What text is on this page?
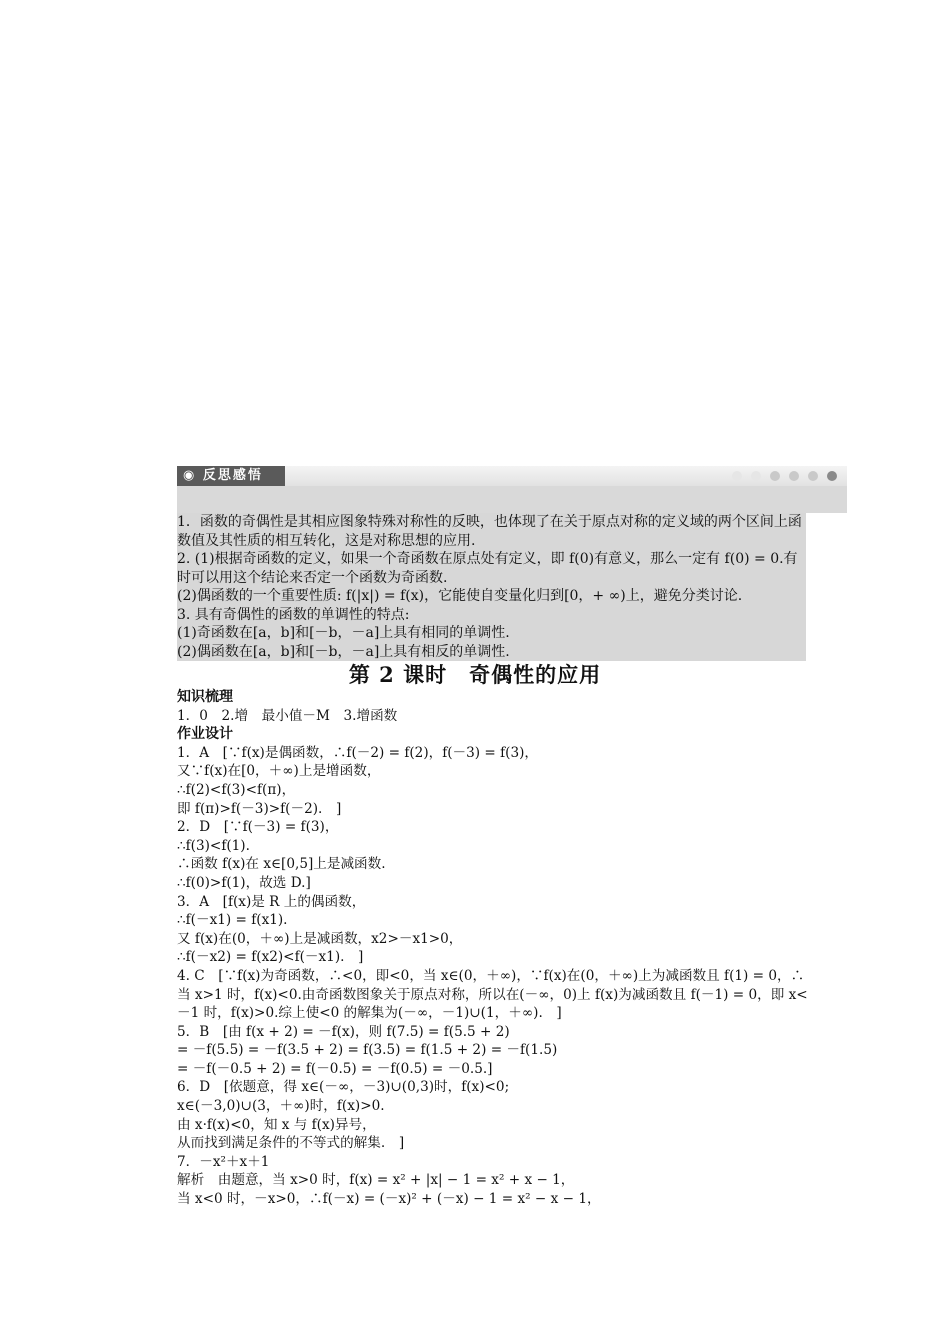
◉ 反思感悟

1．函数的奇偶性是其相应图象特殊对称性的反映，也体现了在关于原点对称的定义域的两个区间上函数值及其性质的相互转化，这是对称思想的应用.

2. (1)根据奇函数的定义，如果一个奇函数在原点处有定义，即 f(0)有意义，那么一定有 f(0) = 0.有时可以用这个结论来否定一个函数为奇函数.

(2)偶函数的一个重要性质: f(|x|) = f(x)，它能使自变量化归到[0，+ ∞)上，避免分类讨论.

3. 具有奇偶性的函数的单调性的特点:

(1)奇函数在[a，b]和[－b，－a]上具有相同的单调性.

(2)偶函数在[a，b]和[－b，－a]上具有相反的单调性.

第 2 课时　奇偶性的应用

知识梳理

1．0　2.增　最小值－M　3.增函数

作业设计

1．A　[∵f(x)是偶函数，∴f(－2) = f(2)，f(－3) = f(3)，

又∵f(x)在[0，＋∞)上是增函数，

∴f(2)<f(3)<f(π)，

即 f(π)>f(－3)>f(－2).　]

2．D　[∵f(－3) = f(3)，

∴f(3)<f(1).

∴函数 f(x)在 x∈[0,5]上是减函数.

∴f(0)>f(1)，故选 D.]

3．A　[f(x)是 R 上的偶函数，

∴f(－x1) = f(x1).

又 f(x)在(0，＋∞)上是减函数，x2>－x1>0，

∴f(－x2) = f(x2)<f(－x1).　]

4. C　[∵f(x)为奇函数，∴<0，即<0，当 x∈(0，＋∞)，∵f(x)在(0，＋∞)上为减函数且 f(1) = 0，∴当 x>1 时，f(x)<0.由奇函数图象关于原点对称，所以在(－∞，0)上 f(x)为减函数且 f(－1) = 0，即 x<－1 时，f(x)>0.综上使<0 的解集为(－∞，－1)∪(1，＋∞).　]

5．B　[由 f(x + 2) = －f(x)，则 f(7.5) = f(5.5 + 2)

= －f(5.5) = －f(3.5 + 2) = f(3.5) = f(1.5 + 2) = －f(1.5)

= －f(－0.5 + 2) = f(－0.5) = －f(0.5) = －0.5.]

6．D　[依题意，得 x∈(－∞，－3)∪(0,3)时，f(x)<0;

x∈(－3,0)∪(3，＋∞)时，f(x)>0.

由 x·f(x)<0，知 x 与 f(x)异号，

从而找到满足条件的不等式的解集.　]

7．－x²＋x＋1

解析　由题意，当 x>0 时，f(x) = x² + |x| − 1 = x² + x − 1，

当 x<0 时，－x>0，∴f(－x) = (－x)² + (－x) − 1 = x² − x − 1，
